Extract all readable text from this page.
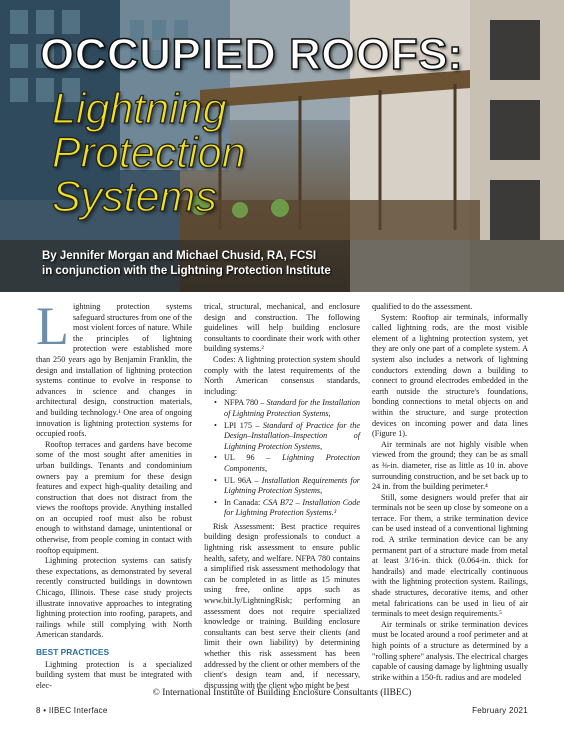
OCCUPIED ROOFS:
Lightning
Protection
Systems
By Jennifer Morgan and Michael Chusid, RA, FCSI
in conjunction with the Lightning Protection Institute

Lightning protection systems safeguard structures from one of the most violent forces of nature. While the principles of lightning protection were established more than 250 years ago by Benjamin Franklin, the design and installation of lightning protection systems continue to evolve in response to advances in science and changes in architectural design, construction materials, and building technology.¹ One area of ongoing innovation is lightning protection systems for occupied roofs.

Rooftop terraces and gardens have become some of the most sought after amenities in urban buildings. Tenants and condominium owners pay a premium for these design features and expect high-quality detailing and construction that does not distract from the views the rooftops provide. Anything installed on an occupied roof must also be robust enough to withstand damage, unintentional or otherwise, from people coming in contact with rooftop equipment.

Lightning protection systems can satisfy these expectations, as demonstrated by several recently constructed buildings in downtown Chicago, Illinois. These case study projects illustrate innovative approaches to integrating lightning protection into roofing, parapets, and railings while still complying with North American standards.

BEST PRACTICES

Lightning protection is a specialized building system that must be integrated with elec-

trical, structural, mechanical, and enclosure design and construction. The following guidelines will help building enclosure consultants to coordinate their work with other building systems.²

Codes: A lightning protection system should comply with the latest requirements of the North American consensus standards, including:

• NFPA 780 – Standard for the Installation of Lightning Protection Systems,
• LPI 175 – Standard of Practice for the Design–Installation–Inspection of Lightning Protection Systems,
• UL 96 – Lightning Protection Components,
• UL 96A – Installation Requirements for Lightning Protection Systems,
• In Canada: CSA B72 – Installation Code for Lightning Protection Systems.³

Risk Assessment: Best practice requires building design professionals to conduct a lightning risk assessment to ensure public health, safety, and welfare. NFPA 780 contains a simplified risk assessment methodology that can be completed in as little as 15 minutes using free, online apps such as www.bit.ly/LightningRisk; performing an assessment does not require specialized knowledge or training. Building enclosure consultants can best serve their clients (and limit their own liability) by determining whether this risk assessment has been addressed by the client or other members of the client's design team and, if necessary, discussing with the client who might be best

qualified to do the assessment.

System: Rooftop air terminals, informally called lightning rods, are the most visible element of a lightning protection system, yet they are only one part of a complete system. A system also includes a network of lightning conductors extending down a building to connect to ground electrodes embedded in the earth outside the structure's foundations, bonding connections to metal objects on and within the structure, and surge protection devices on incoming power and data lines (Figure 1).

Air terminals are not highly visible when viewed from the ground; they can be as small as ⅜-in. diameter, rise as little as 10 in. above surrounding construction, and be set back up to 24 in. from the building perimeter.⁴

Still, some designers would prefer that air terminals not be seen up close by someone on a terrace. For them, a strike termination device can be used instead of a conventional lightning rod. A strike termination device can be any permanent part of a structure made from metal at least 3/16-in. thick (0.064-in. thick for handrails) and made electrically continuous with the lightning protection system. Railings, shade structures, decorative items, and other metal fabrications can be used in lieu of air terminals to meet design requirements.⁵

Air terminals or strike termination devices must be located around a roof perimeter and at high points of a structure as determined by a "rolling sphere" analysis. The electrical charges capable of causing damage by lightning usually strike within a 150-ft. radius and are modeled

© International Institute of Building Enclosure Consultants (IIBEC)
8 • IIBEC Interface	February 2021
